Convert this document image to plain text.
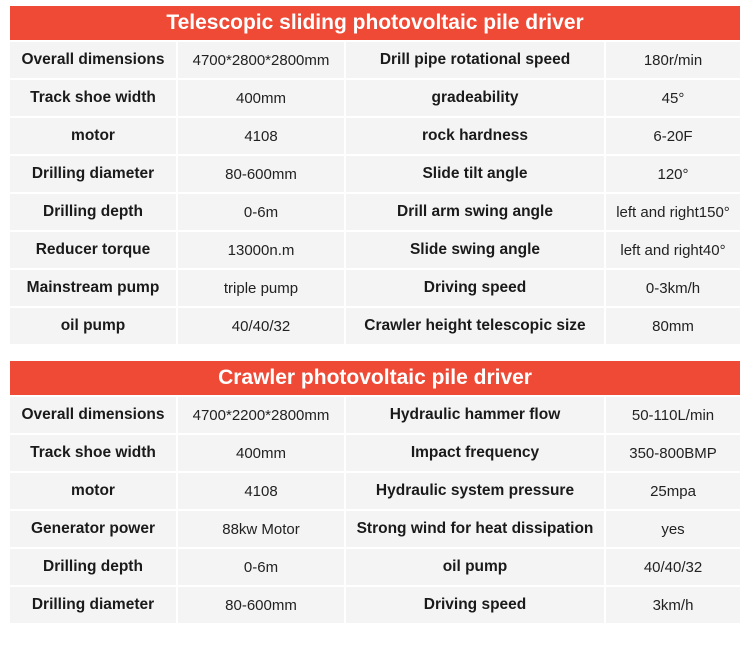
Telescopic sliding photovoltaic pile driver			
Overall dimensions	4700*2800*2800mm	Drill pipe rotational speed	180r/min
Track shoe width	400mm	gradeability	45°
motor	4108	rock hardness	6-20F
Drilling diameter	80-600mm	Slide tilt angle	120°
Drilling depth	0-6m	Drill arm swing angle	left and right150°
Reducer torque	13000n.m	Slide swing angle	left and right40°
Mainstream pump	triple pump	Driving speed	0-3km/h
oil pump	40/40/32	Crawler height telescopic size	80mm
Crawler photovoltaic pile driver			
Overall dimensions	4700*2200*2800mm	Hydraulic hammer flow	50-110L/min
Track shoe width	400mm	Impact frequency	350-800BMP
motor	4108	Hydraulic system pressure	25mpa
Generator power	88kw Motor	Strong wind for heat dissipation	yes
Drilling depth	0-6m	oil pump	40/40/32
Drilling diameter	80-600mm	Driving speed	3km/h
